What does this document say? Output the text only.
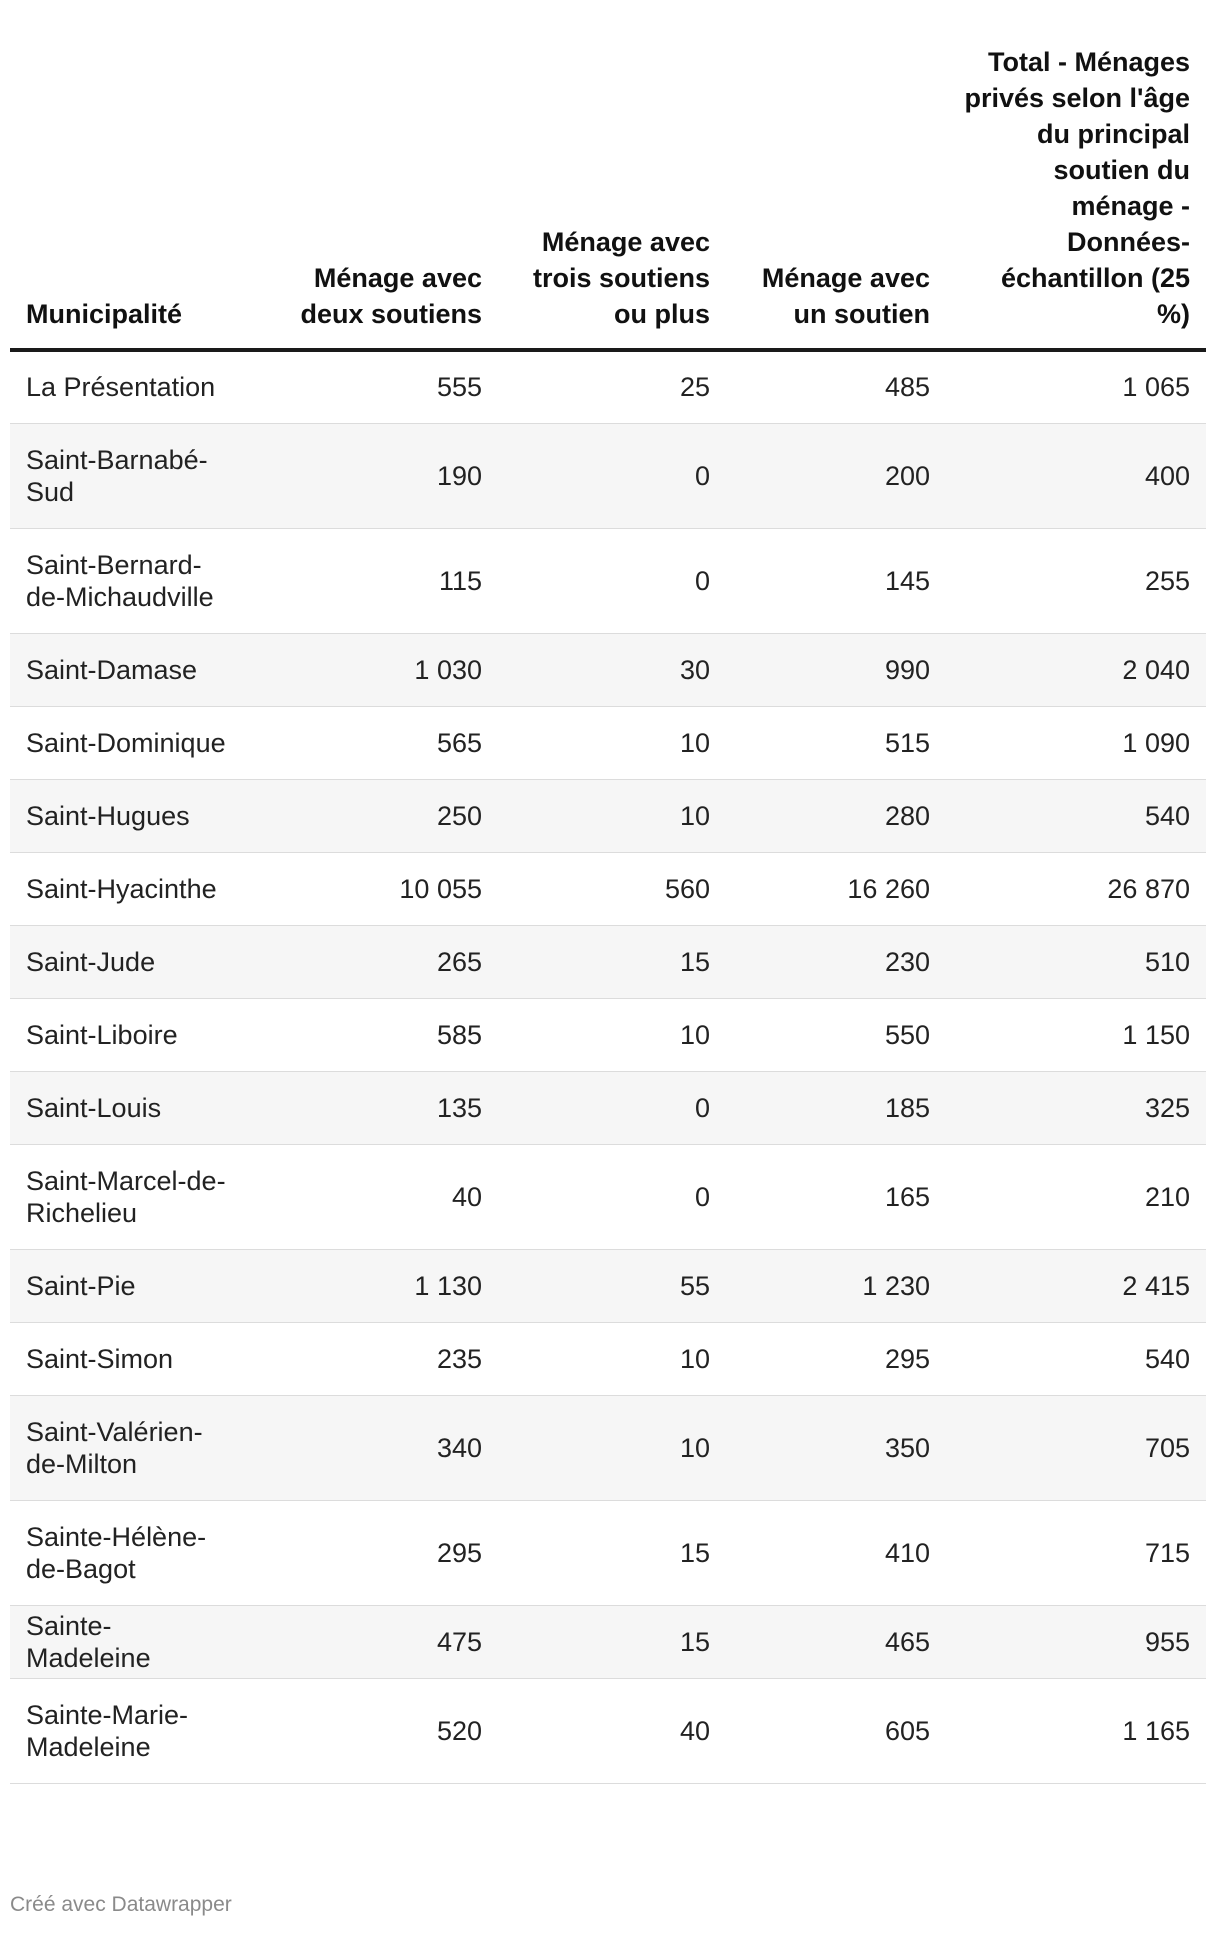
Municipalité	Ménage avec deux soutiens	Ménage avec trois soutiens ou plus	Ménage avec un soutien	Total - Ménages privés selon l'âge du principal soutien du ménage - Données-échantillon (25 %)
La Présentation	555	25	485	1 065
Saint-Barnabé-Sud	190	0	200	400
Saint-Bernard-de-Michaudville	115	0	145	255
Saint-Damase	1 030	30	990	2 040
Saint-Dominique	565	10	515	1 090
Saint-Hugues	250	10	280	540
Saint-Hyacinthe	10 055	560	16 260	26 870
Saint-Jude	265	15	230	510
Saint-Liboire	585	10	550	1 150
Saint-Louis	135	0	185	325
Saint-Marcel-de-Richelieu	40	0	165	210
Saint-Pie	1 130	55	1 230	2 415
Saint-Simon	235	10	295	540
Saint-Valérien-de-Milton	340	10	350	705
Sainte-Hélène-de-Bagot	295	15	410	715
Sainte-Madeleine	475	15	465	955
Sainte-Marie-Madeleine	520	40	605	1 165
Créé avec Datawrapper
